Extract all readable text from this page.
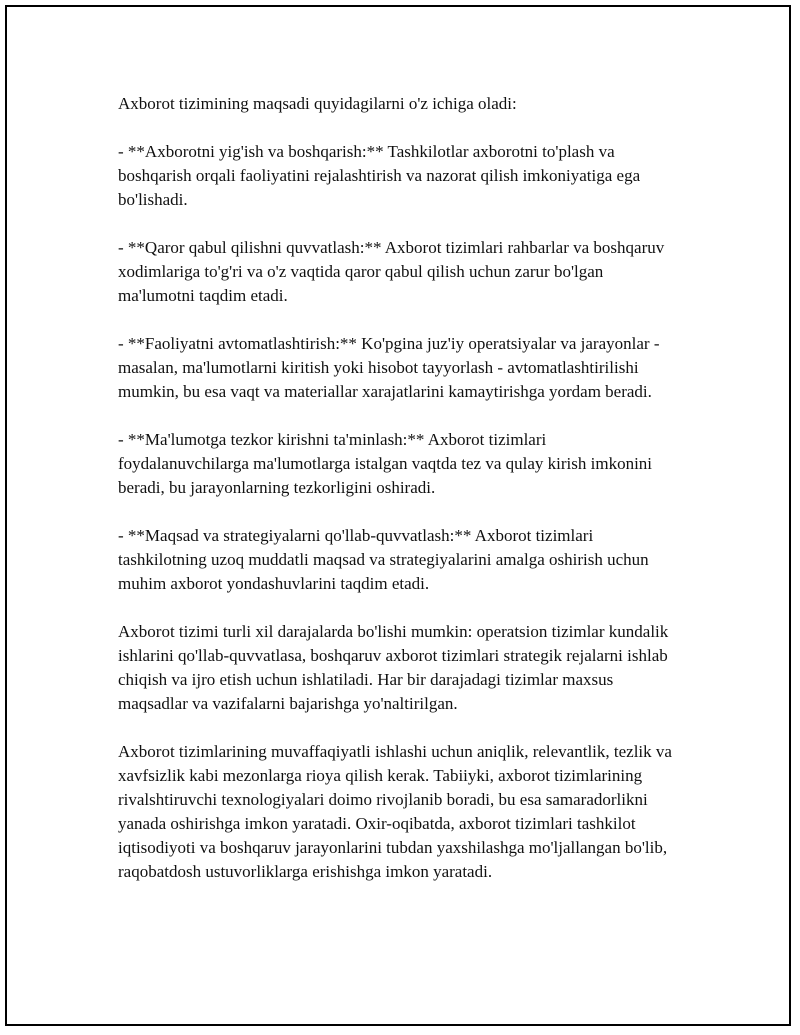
Axborot tizimining maqsadi quyidagilarni o'z ichiga oladi:

- **Axborotni yig'ish va boshqarish:** Tashkilotlar axborotni to'plash va boshqarish orqali faoliyatini rejalashtirish va nazorat qilish imkoniyatiga ega bo'lishadi.

- **Qaror qabul qilishni quvvatlash:** Axborot tizimlari rahbarlar va boshqaruv xodimlariga to'g'ri va o'z vaqtida qaror qabul qilish uchun zarur bo'lgan ma'lumotni taqdim etadi.

- **Faoliyatni avtomatlashtirish:** Ko'pgina juz'iy operatsiyalar va jarayonlar - masalan, ma'lumotlarni kiritish yoki hisobot tayyorlash - avtomatlashtirilishi mumkin, bu esa vaqt va materiallar xarajatlarini kamaytirishga yordam beradi.

- **Ma'lumotga tezkor kirishni ta'minlash:** Axborot tizimlari foydalanuvchilarga ma'lumotlarga istalgan vaqtda tez va qulay kirish imkonini beradi, bu jarayonlarning tezkorligini oshiradi.

- **Maqsad va strategiyalarni qo'llab-quvvatlash:** Axborot tizimlari tashkilotning uzoq muddatli maqsad va strategiyalarini amalga oshirish uchun muhim axborot yondashuvlarini taqdim etadi.

Axborot tizimi turli xil darajalarda bo'lishi mumkin: operatsion tizimlar kundalik ishlarini qo'llab-quvvatlasa, boshqaruv axborot tizimlari strategik rejalarni ishlab chiqish va ijro etish uchun ishlatiladi. Har bir darajadagi tizimlar maxsus maqsadlar va vazifalarni bajarishga yo'naltirilgan.

Axborot tizimlarining muvaffaqiyatli ishlashi uchun aniqlik, relevantlik, tezlik va xavfsizlik kabi mezonlarga rioya qilish kerak. Tabiiyki, axborot tizimlarining rivalshtiruvchi texnologiyalari doimo rivojlanib boradi, bu esa samaradorlikni yanada oshirishga imkon yaratadi. Oxir-oqibatda, axborot tizimlari tashkilot iqtisodiyoti va boshqaruv jarayonlarini tubdan yaxshilashga mo'ljallangan bo'lib, raqobatdosh ustuvorliklarga erishishga imkon yaratadi.
